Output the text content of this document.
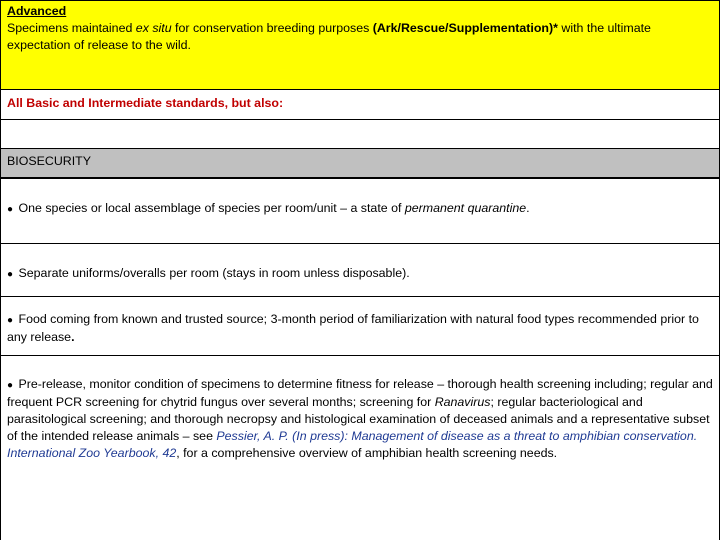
Advanced
Specimens maintained ex situ for conservation breeding purposes (Ark/Rescue/Supplementation)* with the ultimate expectation of release to the wild.
All Basic and Intermediate standards, but also:
BIOSECURITY
● One species or local assemblage of species per room/unit – a state of permanent quarantine.
● Separate uniforms/overalls per room (stays in room unless disposable).
● Food coming from known and trusted source; 3-month period of familiarization with natural food types recommended prior to any release.
● Pre-release, monitor condition of specimens to determine fitness for release – thorough health screening including; regular and frequent PCR screening for chytrid fungus over several months; screening for Ranavirus; regular bacteriological and parasitological screening; and thorough necropsy and histological examination of deceased animals and a representative subset of the intended release animals – see Pessier, A. P. (In press): Management of disease as a threat to amphibian conservation. International Zoo Yearbook, 42, for a comprehensive overview of amphibian health screening needs.
